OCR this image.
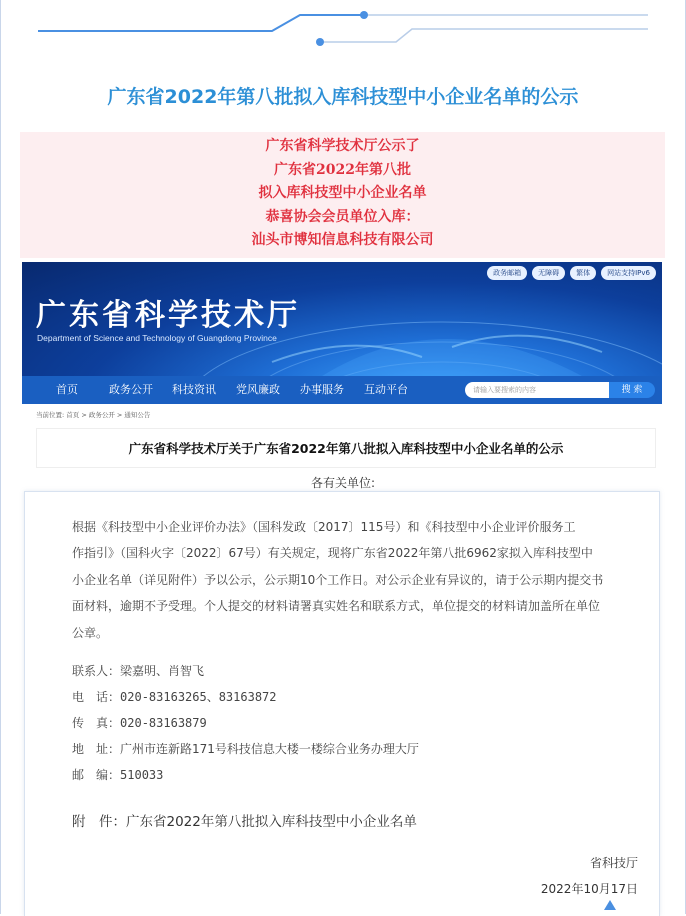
广东省2022年第八批拟入库科技型中小企业名单的公示
广东省科学技术厅公示了
广东省2022年第八批
拟入库科技型中小企业名单
恭喜协会会员单位入库：
汕头市博知信息科技有限公司
政务邮箱	无障碍	繁体	网站支持IPv6
广东省科学技术厅
Department of Science and Technology of Guangdong Province
首页	政务公开 科技资讯 党风廉政 办事服务 互动平台	请输入要搜索的内容	搜 索
当前位置: 首页 > 政务公开 > 通知公告
广东省科学技术厅关于广东省2022年第八批拟入库科技型中小企业名单的公示
各有关单位:
根据《科技型中小企业评价办法》（国科发政〔2017〕115号）和《科技型中小企业评价服务工
作指引》（国科火字〔2022〕67号）有关规定，现将广东省2022年第八批6962家拟入库科技型中
小企业名单（详见附件）予以公示，公示期10个工作日。对公示企业有异议的，请于公示期内提交书
面材料，逾期不予受理。个人提交的材料请署真实姓名和联系方式，单位提交的材料请加盖所在单位
公章。
联系人：梁嘉明、肖智飞
电　话：020-83163265、83163872
传　真：020-83163879
地　址：广州市连新路171号科技信息大楼一楼综合业务办理大厅
邮　编：510033
附　件：广东省2022年第八批拟入库科技型中小企业名单
省科技厅
2022年10月17日
